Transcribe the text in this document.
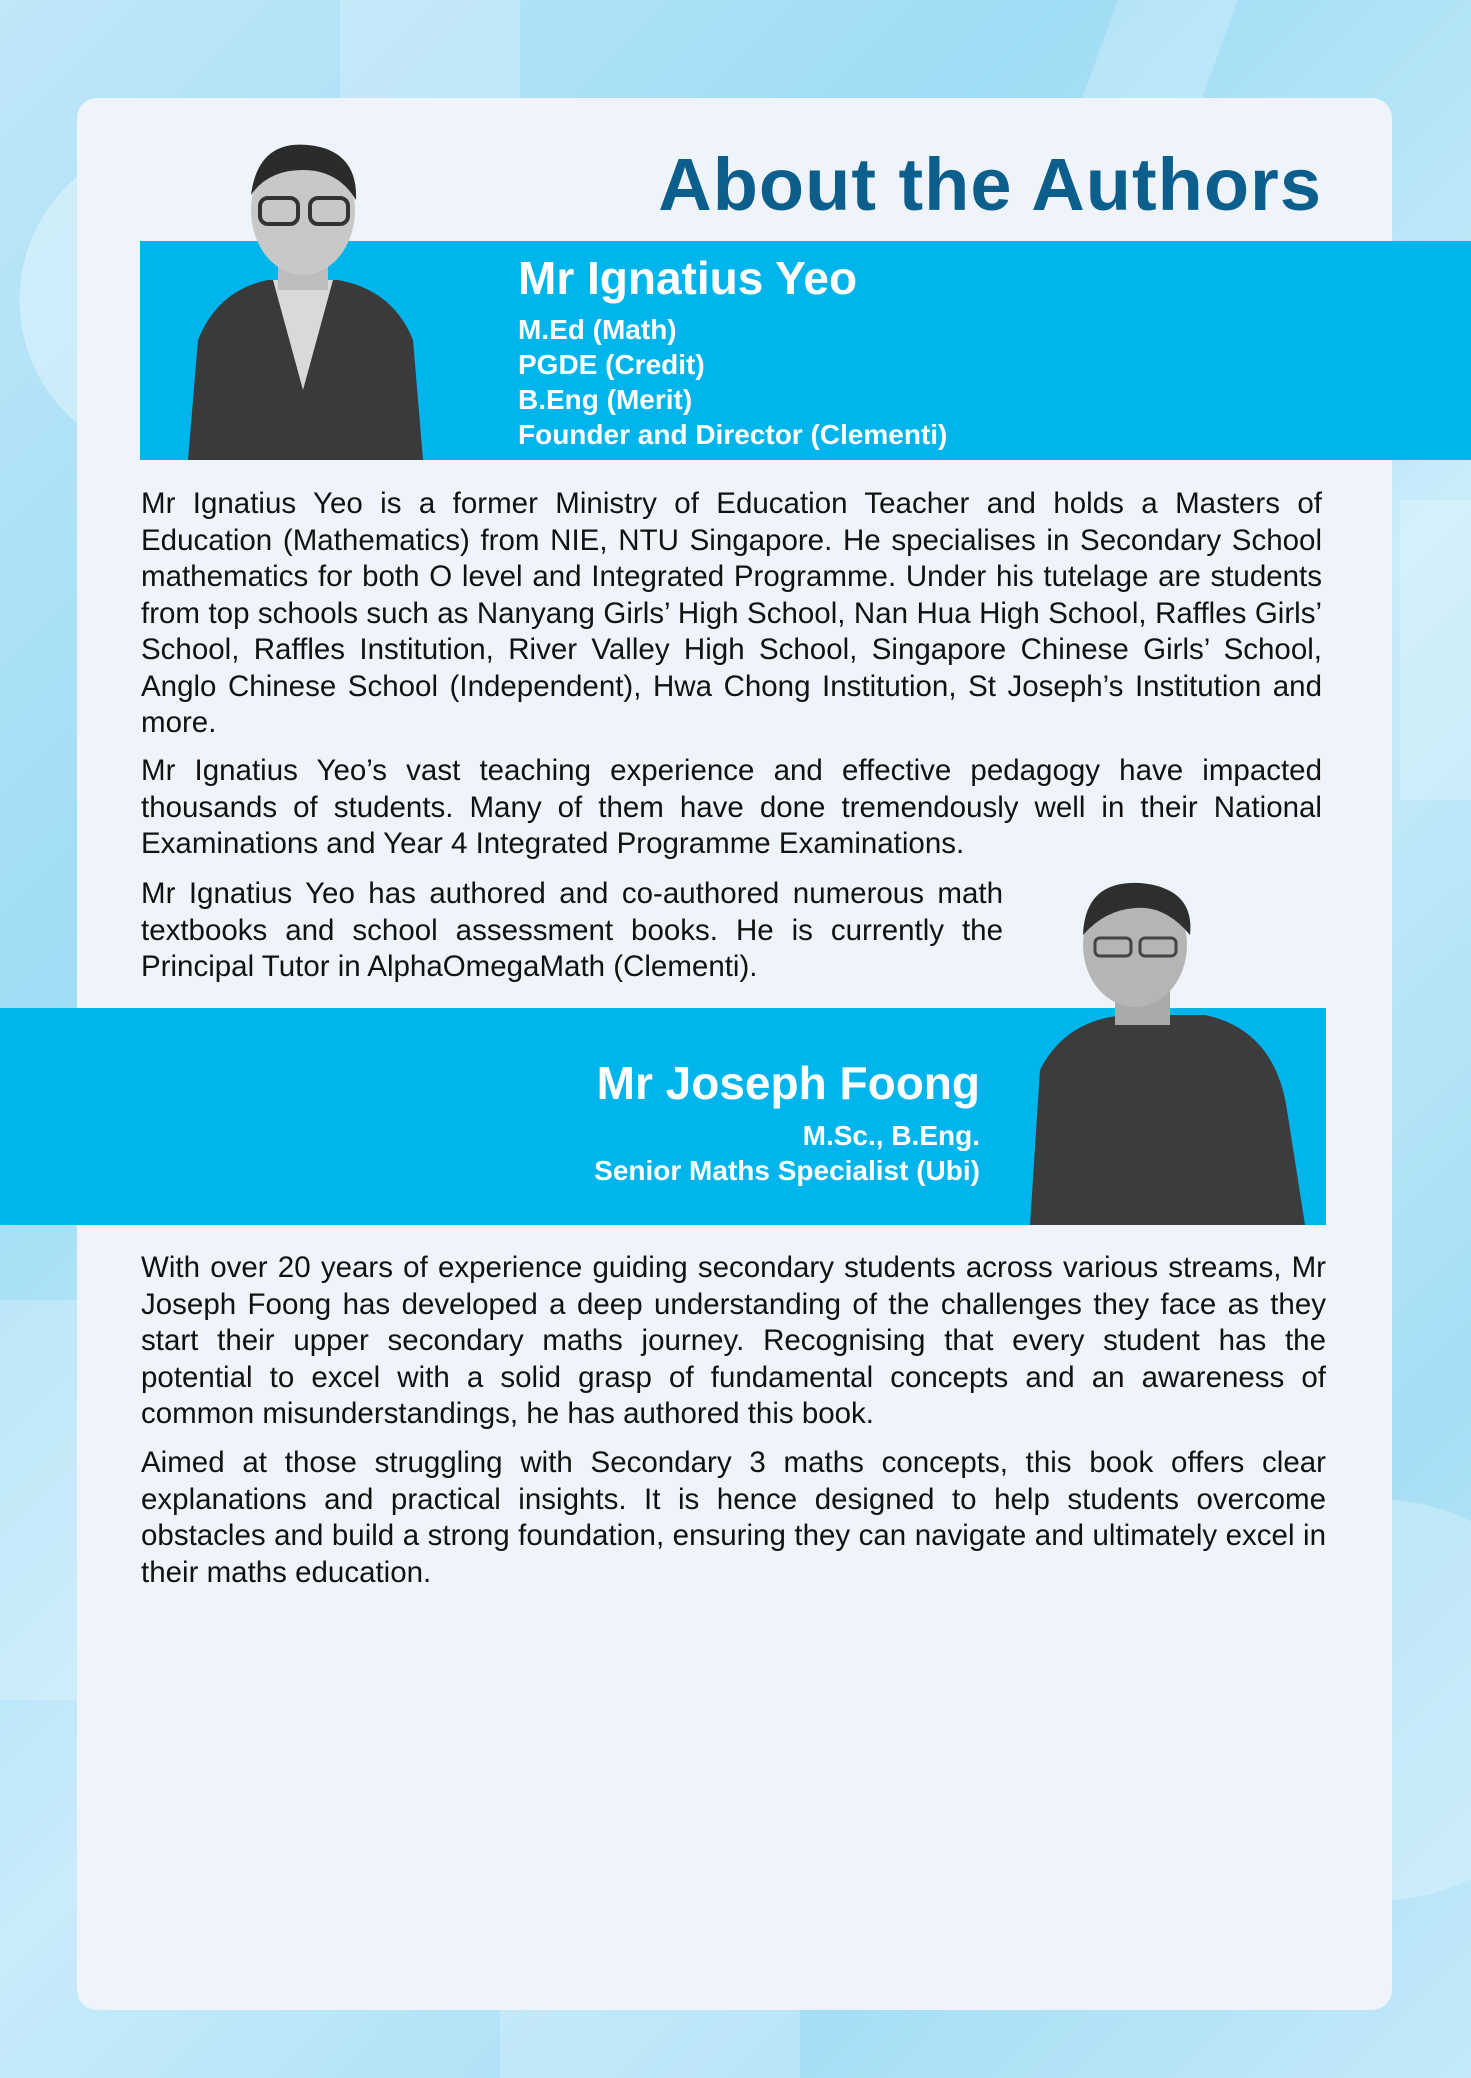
About the Authors
Mr Ignatius Yeo
M.Ed (Math)
PGDE (Credit)
B.Eng (Merit)
Founder and Director (Clementi)

Mr Ignatius Yeo is a former Ministry of Education Teacher and holds a Masters of Education (Mathematics) from NIE, NTU Singapore. He specialises in Secondary School mathematics for both O level and Integrated Programme. Under his tutelage are students from top schools such as Nanyang Girls’ High School, Nan Hua High School, Raffles Girls’ School, Raffles Institution, River Valley High School, Singapore Chinese Girls’ School, Anglo Chinese School (Independent), Hwa Chong Institution, St Joseph’s Institution and more.

Mr Ignatius Yeo’s vast teaching experience and effective pedagogy have impacted thousands of students. Many of them have done tremendously well in their National Examinations and Year 4 Integrated Programme Examinations.

Mr Ignatius Yeo has authored and co-authored numerous math textbooks and school assessment books. He is currently the Principal Tutor in AlphaOmegaMath (Clementi).

Mr Joseph Foong
M.Sc., B.Eng.
Senior Maths Specialist (Ubi)

With over 20 years of experience guiding secondary students across various streams, Mr Joseph Foong has developed a deep understanding of the challenges they face as they start their upper secondary maths journey. Recognising that every student has the potential to excel with a solid grasp of fundamental concepts and an awareness of common misunderstandings, he has authored this book.

Aimed at those struggling with Secondary 3 maths concepts, this book offers clear explanations and practical insights. It is hence designed to help students overcome obstacles and build a strong foundation, ensuring they can navigate and ultimately excel in their maths education.
